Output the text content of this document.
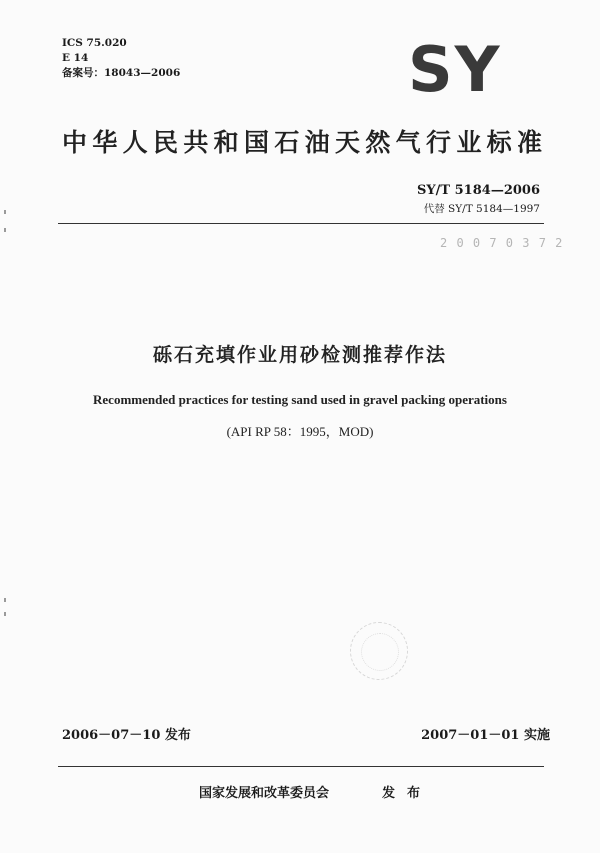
ICS 75.020
E 14
备案号：18043—2006	SY
中华人民共和国石油天然气行业标准
SY/T 5184—2006
代替 SY/T 5184—1997
2 0 0 7 0 3 7 2
砾石充填作业用砂检测推荐作法
Recommended practices for testing sand used in gravel packing operations
(API RP 58：1995，MOD)
2006－07－10 发布	2007－01－01 实施
国家发展和改革委员会	发布
